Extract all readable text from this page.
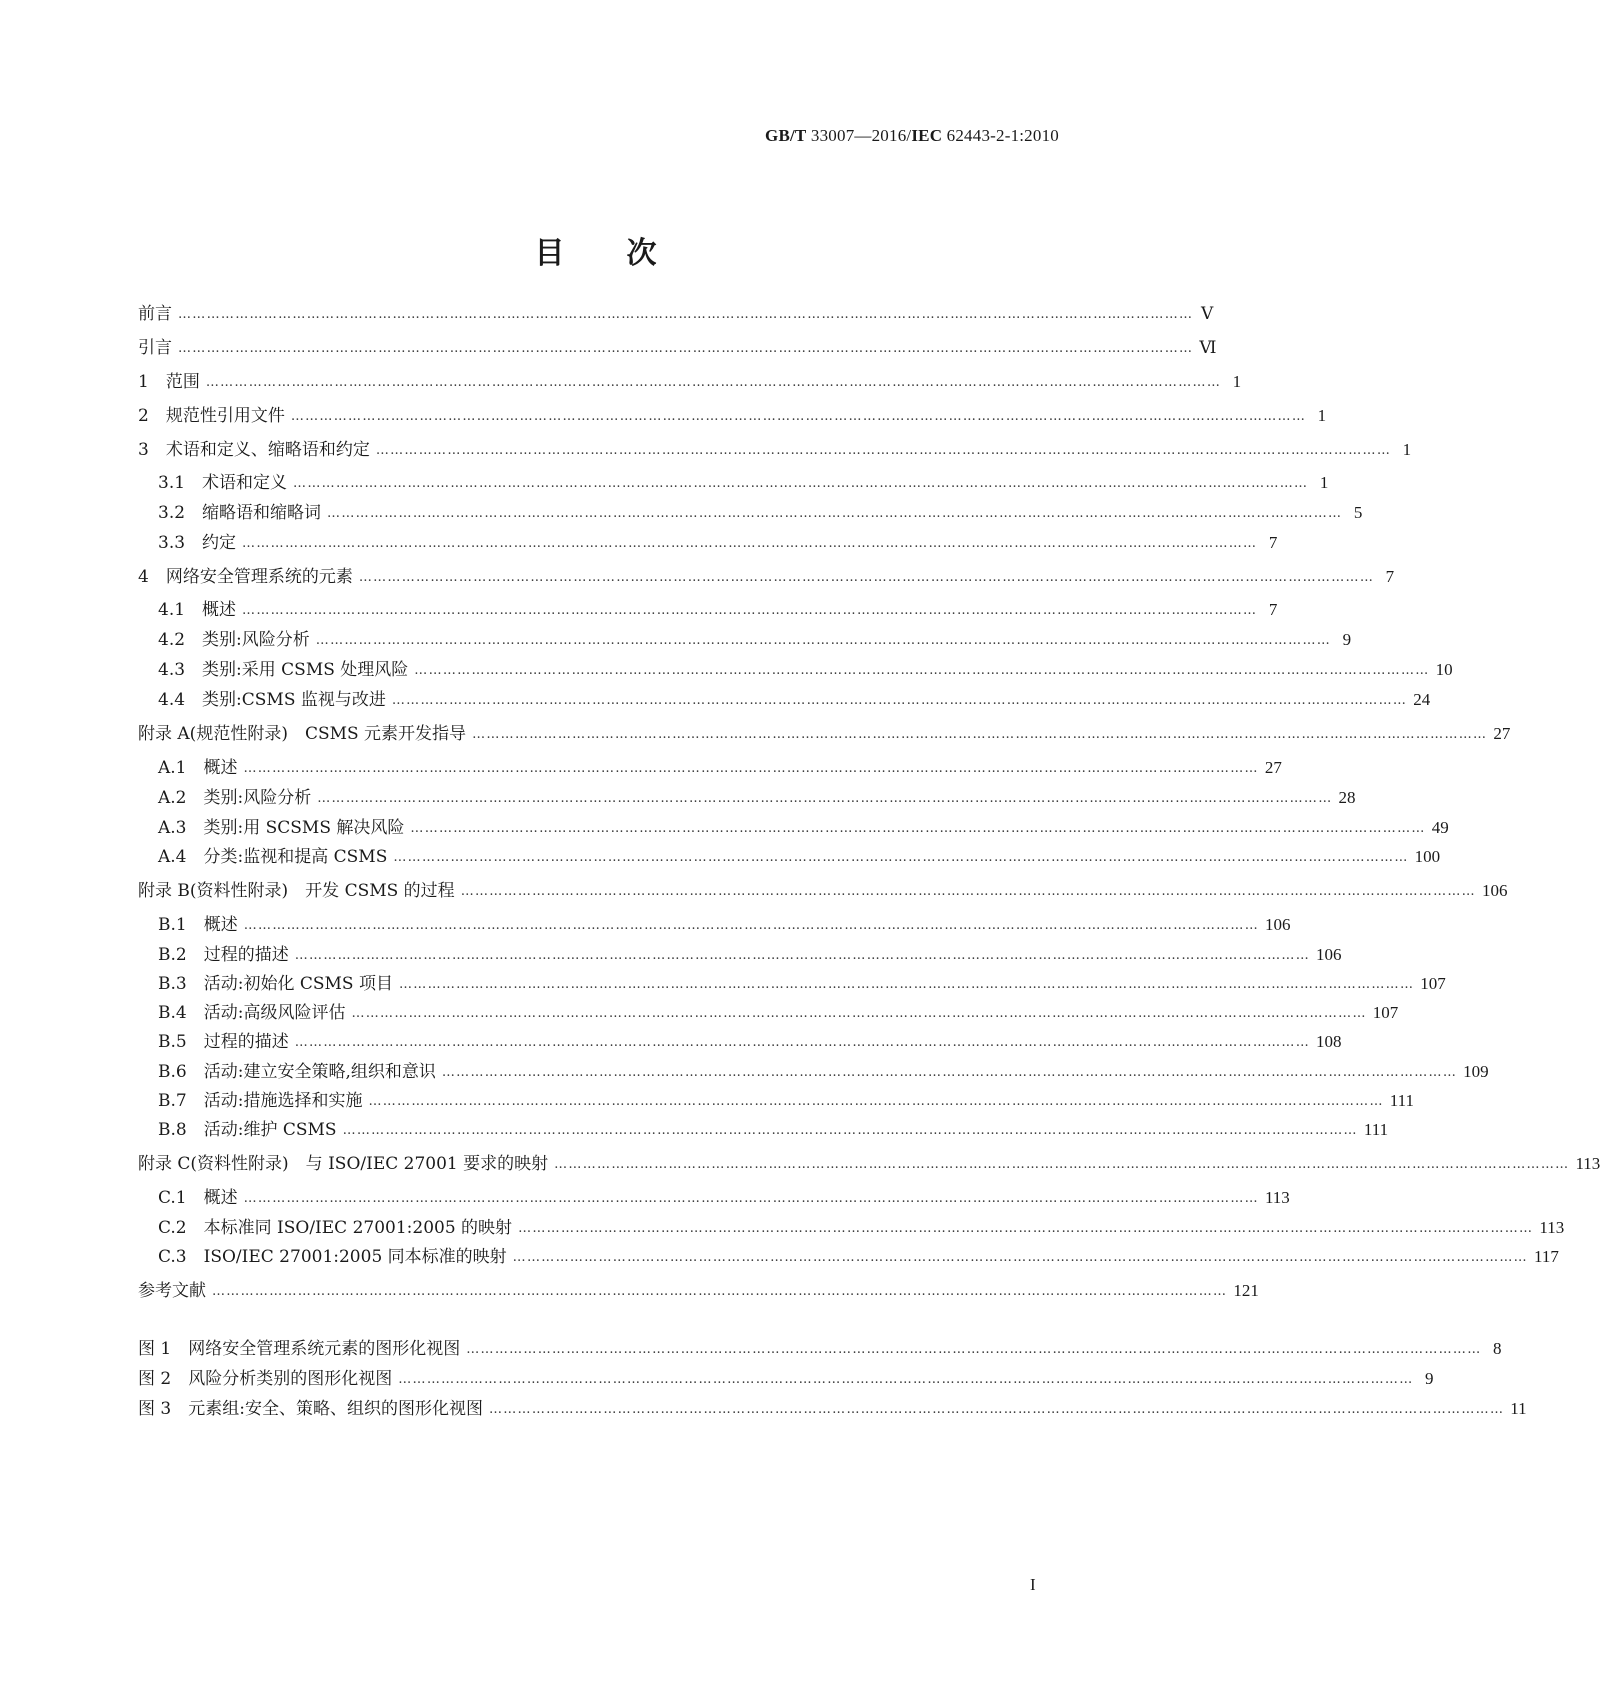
GB/T 33007—2016/IEC 62443-2-1:2010
目次
前言 …………………………………………………………………………………………………………………………………………………………………………………………… Ⅴ
引言 …………………………………………………………………………………………………………………………………………………………………………………………… Ⅵ
1　范围 …………………………………………………………………………………………………………………………………………………………………………………………… 1
2　规范性引用文件 …………………………………………………………………………………………………………………………………………………………………………………………… 1
3　术语和定义、缩略语和约定 …………………………………………………………………………………………………………………………………………………………………………………………… 1
3.1　术语和定义 …………………………………………………………………………………………………………………………………………………………………………………………… 1
3.2　缩略语和缩略词 …………………………………………………………………………………………………………………………………………………………………………………………… 5
3.3　约定 …………………………………………………………………………………………………………………………………………………………………………………………… 7
4　网络安全管理系统的元素 …………………………………………………………………………………………………………………………………………………………………………………………… 7
4.1　概述 …………………………………………………………………………………………………………………………………………………………………………………………… 7
4.2　类别:风险分析 …………………………………………………………………………………………………………………………………………………………………………………………… 9
4.3　类别:采用 CSMS 处理风险 …………………………………………………………………………………………………………………………………………………………………………………………… 10
4.4　类别:CSMS 监视与改进 …………………………………………………………………………………………………………………………………………………………………………………………… 24
附录 A(规范性附录)　CSMS 元素开发指导 …………………………………………………………………………………………………………………………………………………………………………………………… 27
A.1　概述 …………………………………………………………………………………………………………………………………………………………………………………………… 27
A.2　类别:风险分析 …………………………………………………………………………………………………………………………………………………………………………………………… 28
A.3　类别:用 SCSMS 解决风险 …………………………………………………………………………………………………………………………………………………………………………………………… 49
A.4　分类:监视和提高 CSMS …………………………………………………………………………………………………………………………………………………………………………………………… 100
附录 B(资料性附录)　开发 CSMS 的过程 …………………………………………………………………………………………………………………………………………………………………………………………… 106
B.1　概述 …………………………………………………………………………………………………………………………………………………………………………………………… 106
B.2　过程的描述 …………………………………………………………………………………………………………………………………………………………………………………………… 106
B.3　活动:初始化 CSMS 项目 …………………………………………………………………………………………………………………………………………………………………………………………… 107
B.4　活动:高级风险评估 …………………………………………………………………………………………………………………………………………………………………………………………… 107
B.5　过程的描述 …………………………………………………………………………………………………………………………………………………………………………………………… 108
B.6　活动:建立安全策略,组织和意识 …………………………………………………………………………………………………………………………………………………………………………………………… 109
B.7　活动:措施选择和实施 …………………………………………………………………………………………………………………………………………………………………………………………… 111
B.8　活动:维护 CSMS …………………………………………………………………………………………………………………………………………………………………………………………… 111
附录 C(资料性附录)　与 ISO/IEC 27001 要求的映射 …………………………………………………………………………………………………………………………………………………………………………………………… 113
C.1　概述 …………………………………………………………………………………………………………………………………………………………………………………………… 113
C.2　本标准同 ISO/IEC 27001:2005 的映射 …………………………………………………………………………………………………………………………………………………………………………………………… 113
C.3　ISO/IEC 27001:2005 同本标准的映射 …………………………………………………………………………………………………………………………………………………………………………………………… 117
参考文献 …………………………………………………………………………………………………………………………………………………………………………………………… 121
图 1　网络安全管理系统元素的图形化视图 …………………………………………………………………………………………………………………………………………………………………………………………… 8
图 2　风险分析类别的图形化视图 …………………………………………………………………………………………………………………………………………………………………………………………… 9
图 3　元素组:安全、策略、组织的图形化视图 …………………………………………………………………………………………………………………………………………………………………………………………… 11
I
